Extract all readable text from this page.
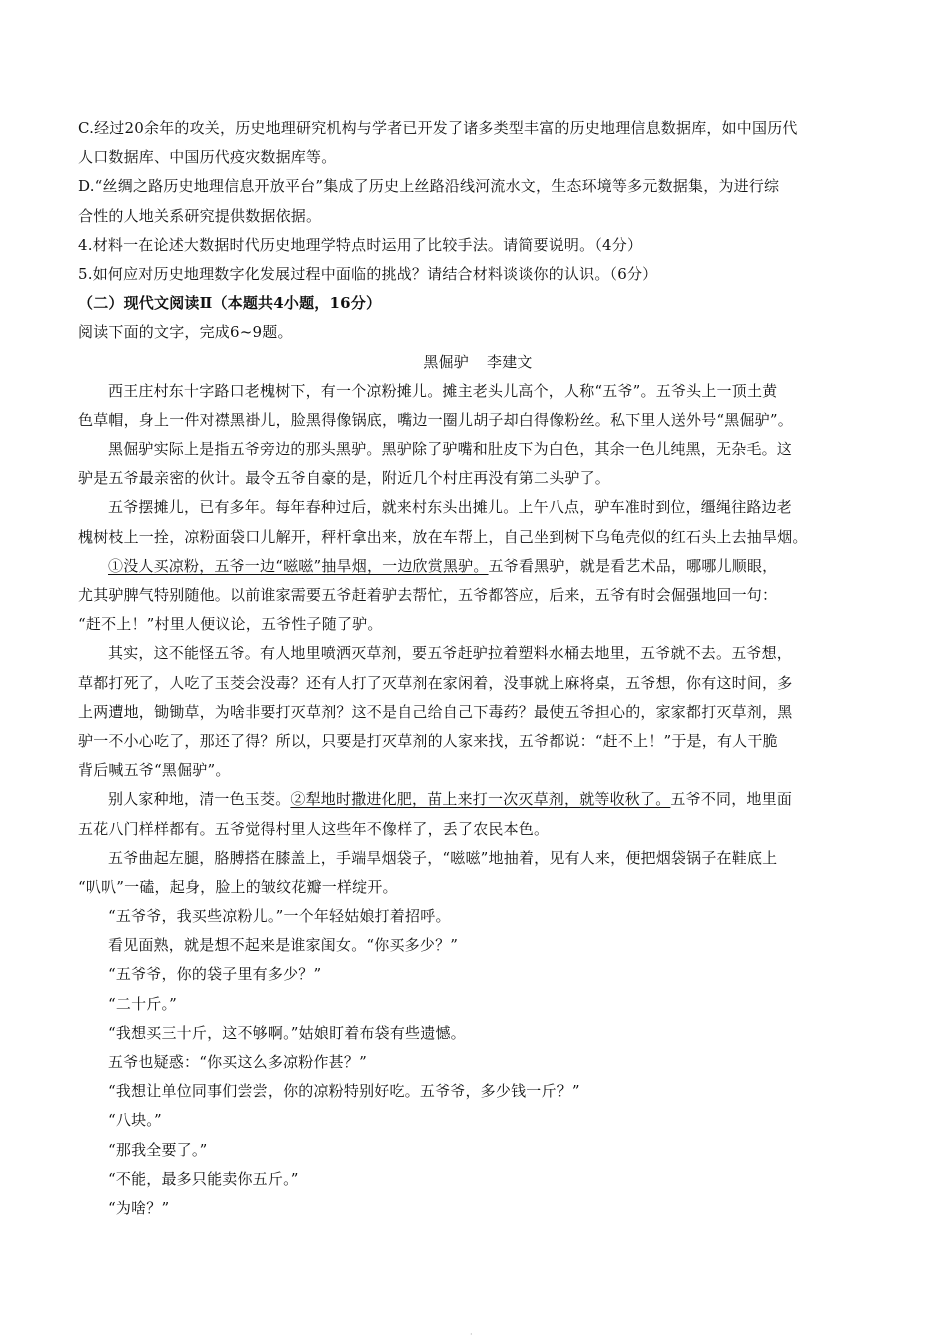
C.经过20余年的攻关，历史地理研究机构与学者已开发了诸多类型丰富的历史地理信息数据库，如中国历代
人口数据库、中国历代疫灾数据库等。
D.“丝绸之路历史地理信息开放平台”集成了历史上丝路沿线河流水文，生态环境等多元数据集，为进行综
合性的人地关系研究提供数据依据。
4.材料一在论述大数据时代历史地理学特点时运用了比较手法。请简要说明。（4分）
5.如何应对历史地理数字化发展过程中面临的挑战？请结合材料谈谈你的认识。（6分）
（二）现代文阅读Ⅱ（本题共4小题，16分）
阅读下面的文字，完成6~9题。
黑倔驴 李建文
西王庄村东十字路口老槐树下，有一个凉粉摊儿。摊主老头儿高个，人称“五爷”。五爷头上一顶土黄
色草帽，身上一件对襟黑褂儿，脸黑得像锅底，嘴边一圈儿胡子却白得像粉丝。私下里人送外号“黑倔驴”。
黑倔驴实际上是指五爷旁边的那头黑驴。黑驴除了驴嘴和肚皮下为白色，其余一色儿纯黑，无杂毛。这
驴是五爷最亲密的伙计。最令五爷自豪的是，附近几个村庄再没有第二头驴了。
五爷摆摊儿，已有多年。每年春种过后，就来村东头出摊儿。上午八点，驴车准时到位，缰绳往路边老
槐树枝上一拴，凉粉面袋口儿解开，秤杆拿出来，放在车帮上，自己坐到树下乌龟壳似的红石头上去抽旱烟。
①没人买凉粉，五爷一边“嗞嗞”抽旱烟，一边欣赏黑驴。五爷看黑驴，就是看艺术品，哪哪儿顺眼，
尤其驴脾气特别随他。以前谁家需要五爷赶着驴去帮忙，五爷都答应，后来，五爷有时会倔强地回一句：
“赶不上！”村里人便议论，五爷性子随了驴。
其实，这不能怪五爷。有人地里喷洒灭草剂，要五爷赶驴拉着塑料水桶去地里，五爷就不去。五爷想，
草都打死了，人吃了玉茭会没毒？还有人打了灭草剂在家闲着，没事就上麻将桌，五爷想，你有这时间，多
上两遭地，锄锄草，为啥非要打灭草剂？这不是自己给自己下毒药？最使五爷担心的，家家都打灭草剂，黑
驴一不小心吃了，那还了得？所以，只要是打灭草剂的人家来找，五爷都说：“赶不上！”于是，有人干脆
背后喊五爷“黑倔驴”。
别人家种地，清一色玉茭。②犁地时撒进化肥，苗上来打一次灭草剂，就等收秋了。五爷不同，地里面
五花八门样样都有。五爷觉得村里人这些年不像样了，丢了农民本色。
五爷曲起左腿，胳膊搭在膝盖上，手端旱烟袋子，“嗞嗞”地抽着，见有人来，便把烟袋锅子在鞋底上
“叭叭”一磕，起身，脸上的皱纹花瓣一样绽开。
“五爷爷，我买些凉粉儿。”一个年轻姑娘打着招呼。
看见面熟，就是想不起来是谁家闺女。“你买多少？”
“五爷爷，你的袋子里有多少？”
“二十斤。”
“我想买三十斤，这不够啊。”姑娘盯着布袋有些遗憾。
五爷也疑惑：“你买这么多凉粉作甚？”
“我想让单位同事们尝尝，你的凉粉特别好吃。五爷爷，多少钱一斤？”
“八块。”
“那我全要了。”
“不能，最多只能卖你五斤。”
“为啥？”
·
